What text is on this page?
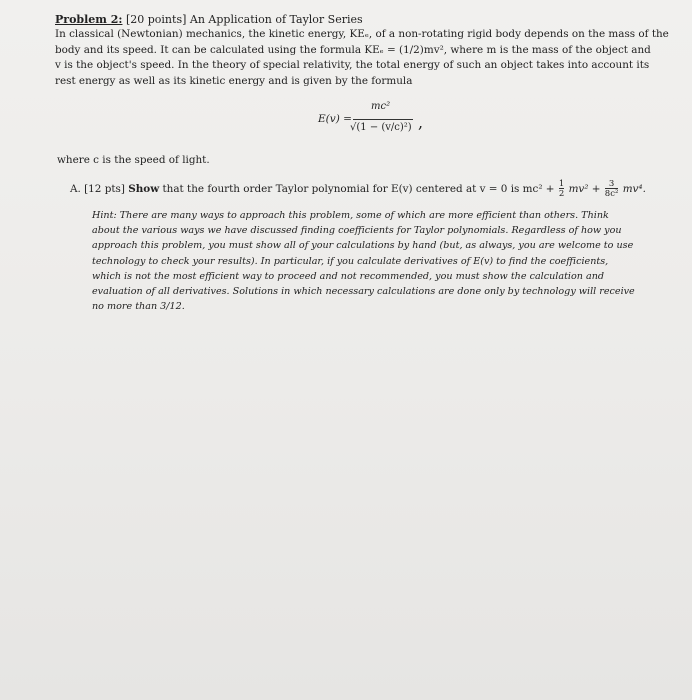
Problem 2: [20 points] An Application of Taylor Series

In classical (Newtonian) mechanics, the kinetic energy, KEₑ, of a non-rotating rigid body depends on the mass of the

body and its speed. It can be calculated using the formula KEₑ = (1/2)mv², where m is the mass of the object and

v is the object's speed. In the theory of special relativity, the total energy of such an object takes into account its

rest energy as well as its kinetic energy and is given by the formula

E(v) =
mc²
√(1 − (v/c)²) ,
where c is the speed of light.
A. [12 pts] Show that the fourth order Taylor polynomial for E(v) centered at v = 0 is $mc^2 + \frac{1}{2} mv^2 + \frac{3}{\text{8c²}} mv^4$.

Hint: There are many ways to approach this problem, some of which are more efficient than others. Think

about the various ways we have discussed finding coefficients for Taylor polynomials. Regardless of how you

approach this problem, you must show all of your calculations by hand (but, as always, you are welcome to use

technology to check your results). In particular, if you calculate derivatives of E(v) to find the coefficients,

which is not the most efficient way to proceed and not recommended, you must show the calculation and

evaluation of all derivatives. Solutions in which necessary calculations are done only by technology will receive

no more than 3/12.
